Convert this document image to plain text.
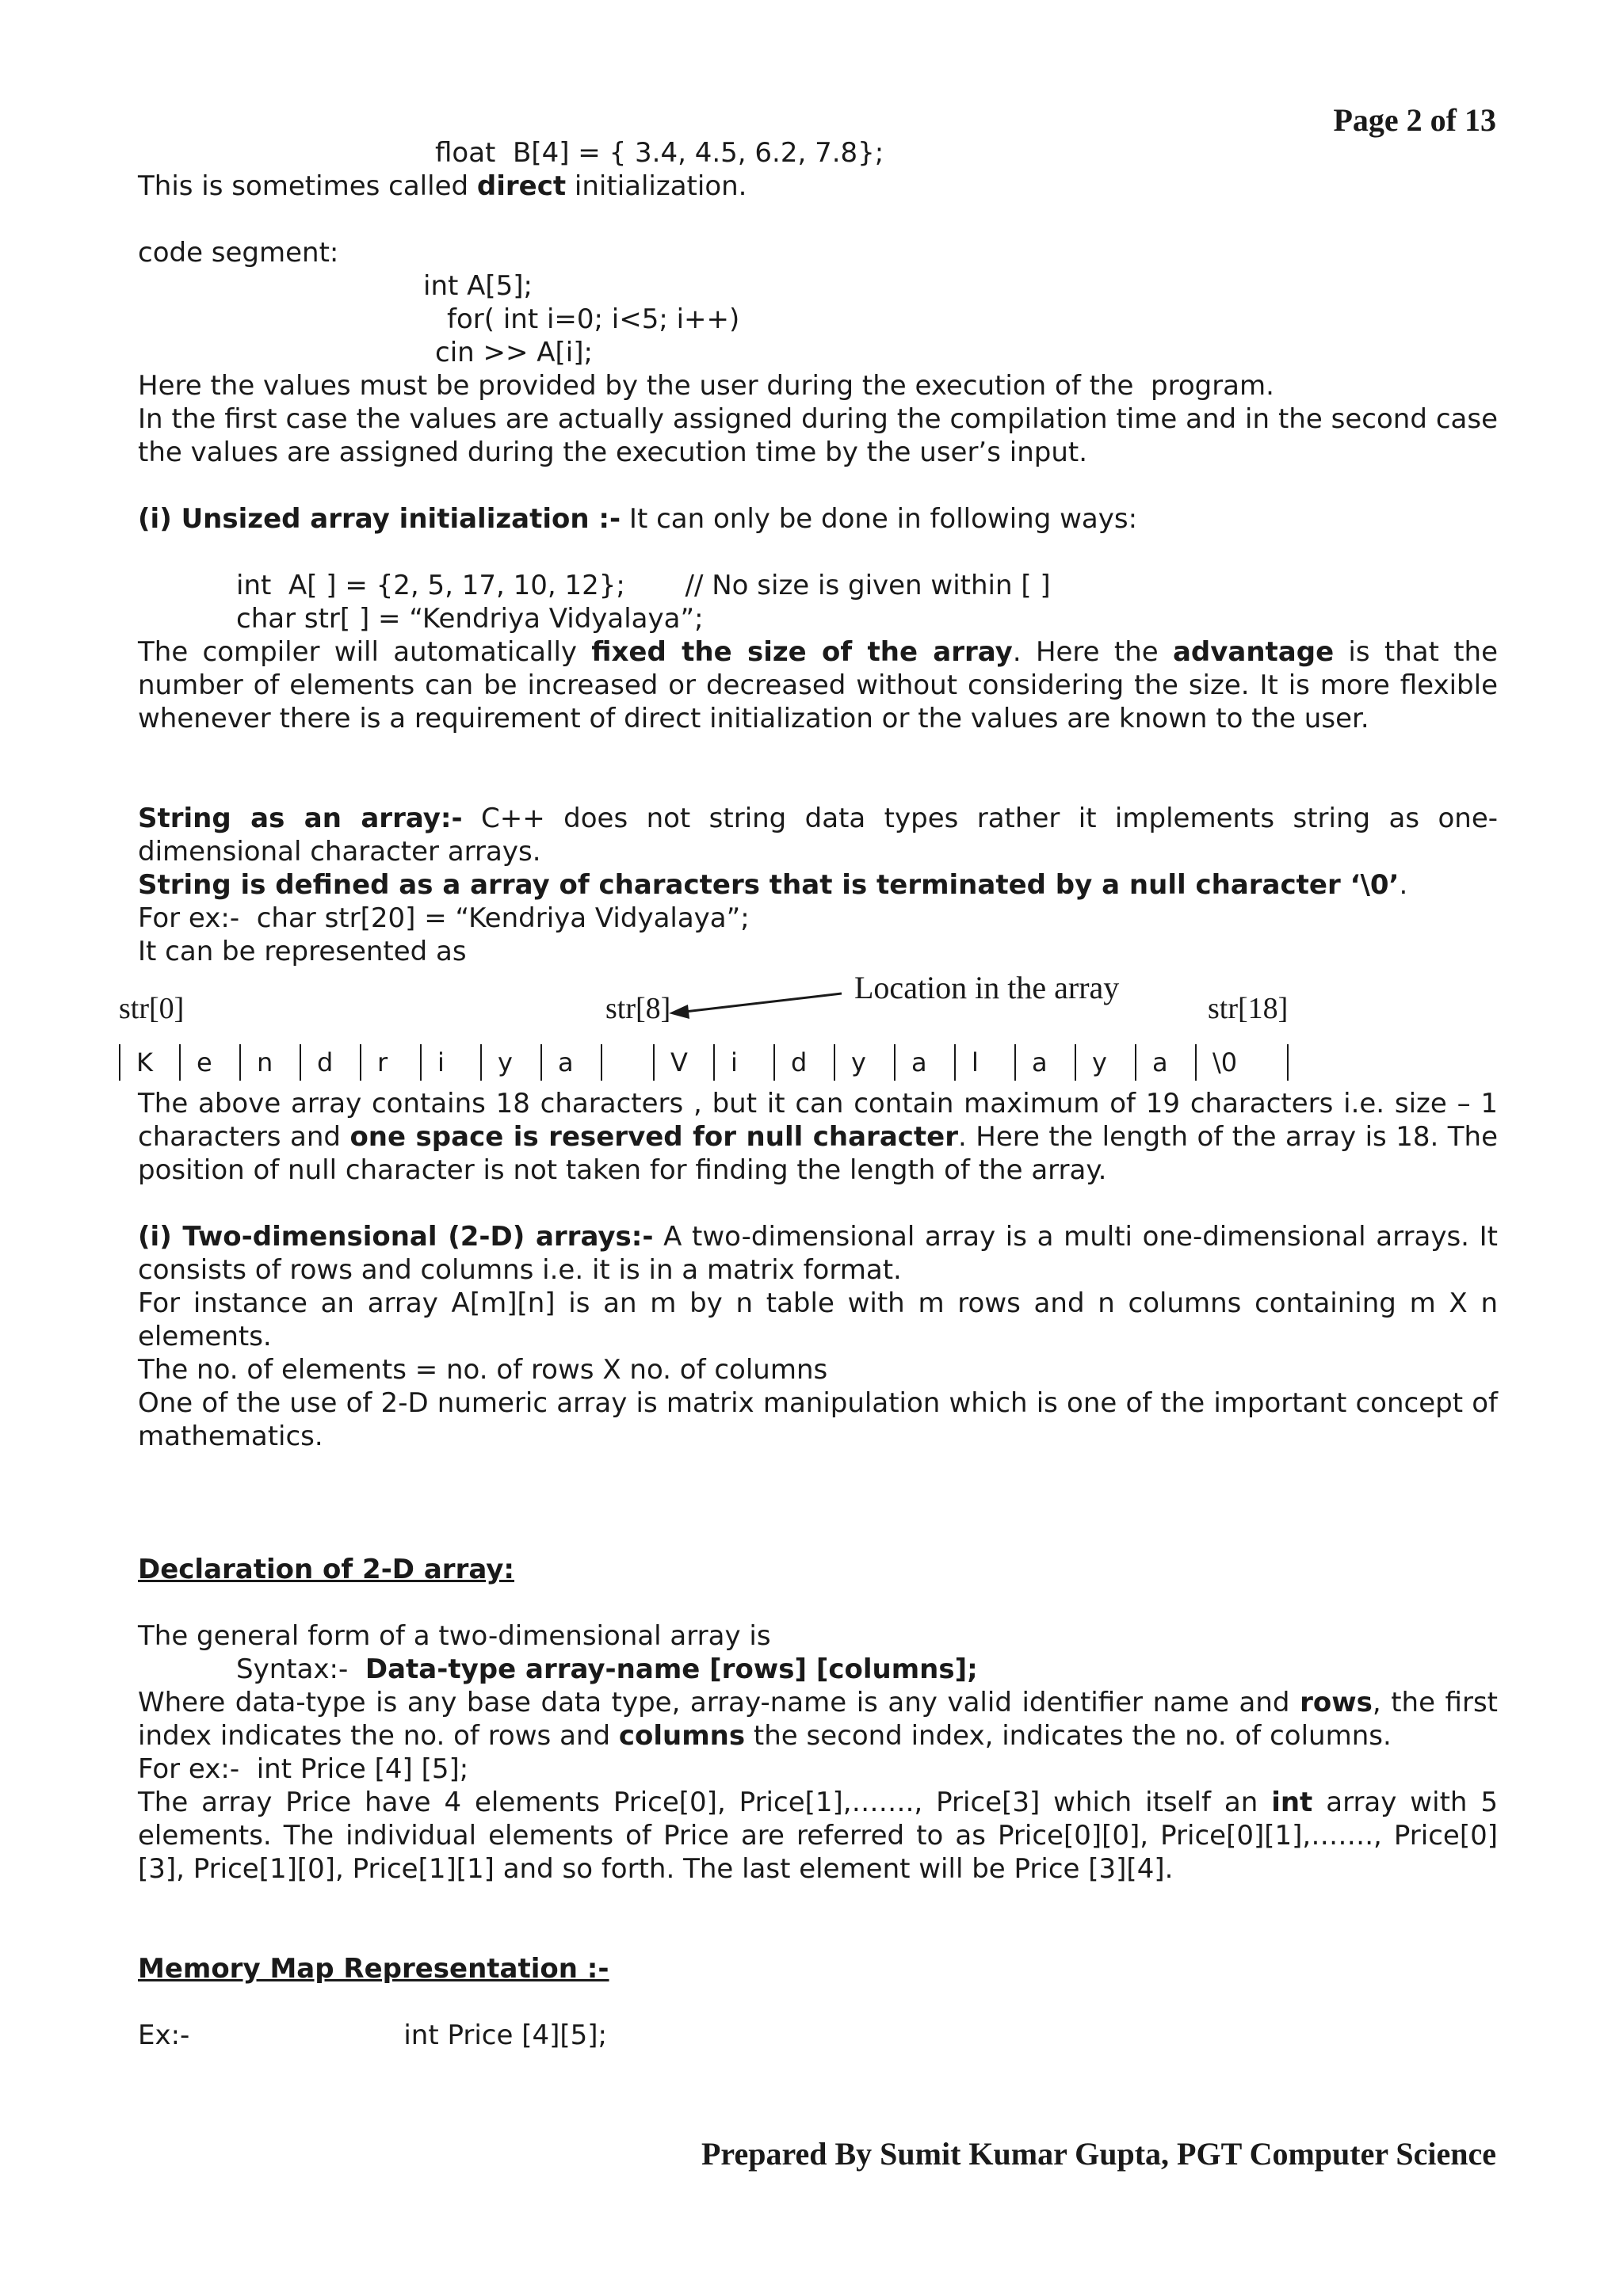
Page 2 of 13

float  B[4] = { 3.4, 4.5, 6.2, 7.8};

This is sometimes called direct initialization.

code segment:

int A[5];

for( int i=0; i<5; i++)

cin >> A[i];

Here the values must be provided by the user during the execution of the  program.

In the first case the values are actually assigned during the compilation time and in the second case the values are assigned during the execution time by the user’s input.

(i) Unsized array initialization :- It can only be done in following ways:

int  A[ ] = {2, 5, 17, 10, 12};       // No size is given within [ ]

char str[ ] = “Kendriya Vidyalaya”;

The compiler will automatically fixed the size of the array. Here the advantage is that the number of elements can be increased or decreased without considering the size. It is more flexible whenever there is a requirement of direct initialization or the values are known to the user.

String as an array:- C++ does not string data types rather it implements string as one-dimensional character arrays.

String is defined as a array of characters that is terminated by a null character ‘\0’.

For ex:-  char str[20] = “Kendriya Vidyalaya”;

It can be represented as

str[0]	str[8]	str[18]
Location in the array
K	e	n	d	r	i	y	a	V	i	d	y	a	l	a	y	a	\0

The above array contains 18 characters , but it can contain maximum of 19 characters i.e. size – 1 characters and one space is reserved for null character. Here the length of the array is 18. The position of null character is not taken for finding the length of the array.

(i) Two-dimensional (2-D) arrays:- A two-dimensional array is a multi one-dimensional arrays. It consists of rows and columns i.e. it is in a matrix format.

For instance an array A[m][n] is an m by n table with m rows and n columns containing m X n elements.

The no. of elements = no. of rows X no. of columns

One of the use of 2-D numeric array is matrix manipulation which is one of the important concept of mathematics.

Declaration of 2-D array:

The general form of a two-dimensional array is

Syntax:-  Data-type array-name [rows] [columns];

Where data-type is any base data type, array-name is any valid identifier name and rows, the first index indicates the no. of rows and columns the second index, indicates the no. of columns.

For ex:-  int Price [4] [5];

The array Price have 4 elements Price[0], Price[1],……., Price[3] which itself an int array with 5 elements. The individual elements of Price are referred to as Price[0][0], Price[0][1],……., Price[0][3], Price[1][0], Price[1][1] and so forth. The last element will be Price [3][4].

Memory Map Representation :-

Ex:-	int Price [4][5];

Prepared By Sumit Kumar Gupta, PGT Computer Science
